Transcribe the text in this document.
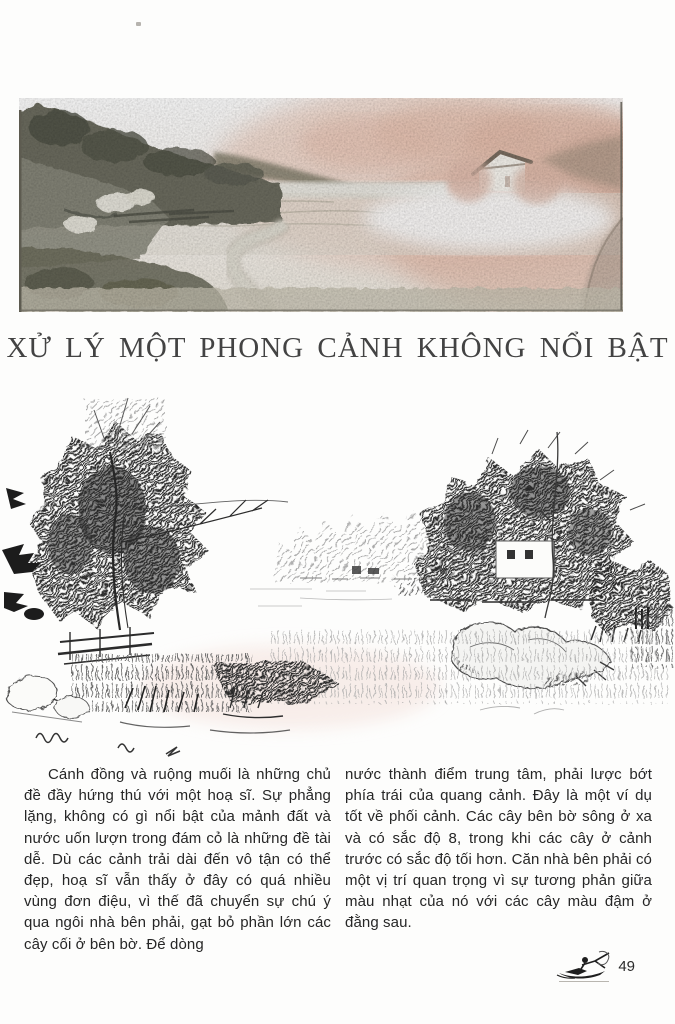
XỬ LÝ MỘT PHONG CẢNH KHÔNG NỔI BẬT

Cánh đồng và ruộng muối là những chủ đề đầy hứng thú với một hoạ sĩ. Sự phẳng lặng, không có gì nổi bật của mảnh đất và nước uốn lượn trong đám cỏ là những đề tài dễ. Dù các cảnh trải dài đến vô tận có thể đẹp, hoạ sĩ vẫn thấy ở đây có quá nhiều vùng đơn điệu, vì thế đã chuyển sự chú ý qua ngôi nhà bên phải, gạt bỏ phần lớn các cây cối ở bên bờ. Để dòng

nước thành điểm trung tâm, phải lược bớt phía trái của quang cảnh. Đây là một ví dụ tốt về phối cảnh. Các cây bên bờ sông ở xa và có sắc độ 8, trong khi các cây ở cảnh trước có sắc độ tối hơn. Căn nhà bên phải có một vị trí quan trọng vì sự tương phản giữa màu nhạt của nó với các cây màu đậm ở đằng sau.

49
